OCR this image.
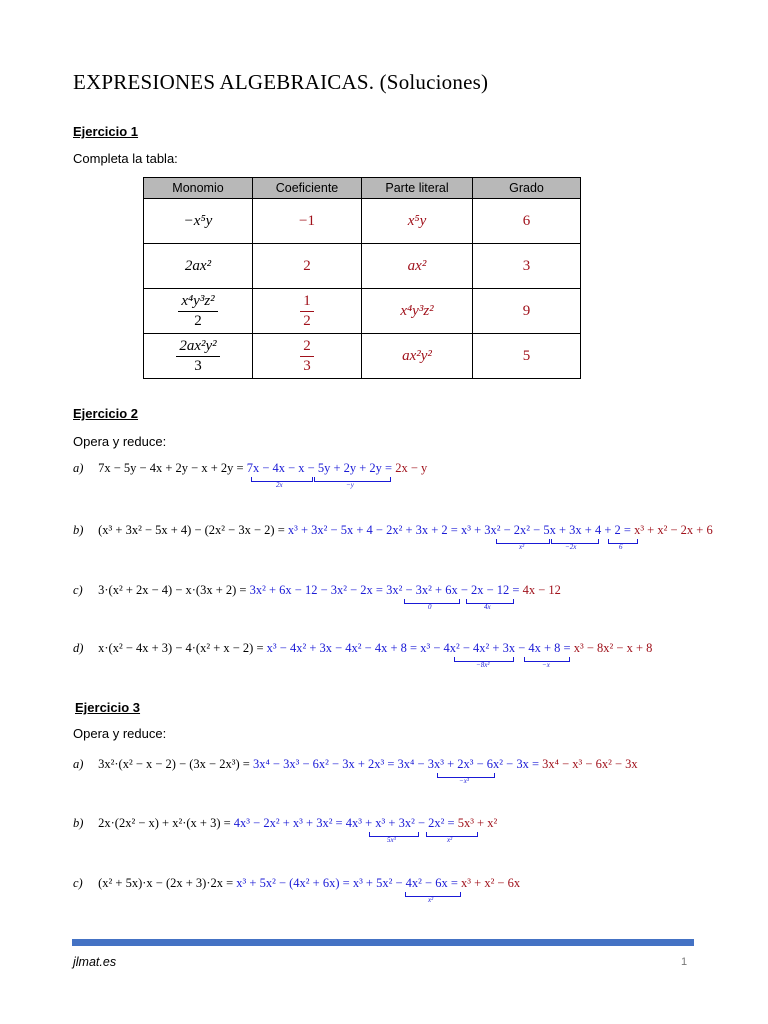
EXPRESIONES ALGEBRAICAS. (Soluciones)
Ejercicio 1
Completa la tabla:
Monomio	Coeficiente	Parte literal	Grado
−x⁵y	−1	x⁵y	6
2ax²	2	ax²	3

$\frac{\text{x⁴y³z²}}{2}$	$\frac{1}{2}$	x⁴y³z²	9

$\frac{\text{2ax²y²}}{3}$	$\frac{2}{3}$	ax²y²	5
Ejercicio 2
Opera y reduce:
a) 7x − 5y − 4x + 2y − x + 2y = 7x − 4x − x − 5y + 2y + 2y = 2x − y
2x	−y
b) (x³ + 3x² − 5x + 4) − (2x² − 3x − 2) = x³ + 3x² − 5x + 4 − 2x² + 3x + 2 = x³ + 3x² − 2x² − 5x + 3x + 4 + 2 = x³ + x² − 2x + 6
x²	−2x	6
c) 3·(x² + 2x − 4) − x·(3x + 2) = 3x² + 6x − 12 − 3x² − 2x = 3x² − 3x² + 6x − 2x − 12 = 4x − 12
0	4x
d) x·(x² − 4x + 3) − 4·(x² + x − 2) = x³ − 4x² + 3x − 4x² − 4x + 8 = x³ − 4x² − 4x² + 3x − 4x + 8 = x³ − 8x² − x + 8
−8x²	−x
Ejercicio 3
Opera y reduce:
a) 3x²·(x² − x − 2) − (3x − 2x³) = 3x⁴ − 3x³ − 6x² − 3x + 2x³ = 3x⁴ − 3x³ + 2x³ − 6x² − 3x = 3x⁴ − x³ − 6x² − 3x
−x³
b) 2x·(2x² − x) + x²·(x + 3) = 4x³ − 2x² + x³ + 3x² = 4x³ + x³ + 3x² − 2x² = 5x³ + x²
5x³	x²
c) (x² + 5x)·x − (2x + 3)·2x = x³ + 5x² − (4x² + 6x) = x³ + 5x² − 4x² − 6x = x³ + x² − 6x
x²
jlmat.es	1
